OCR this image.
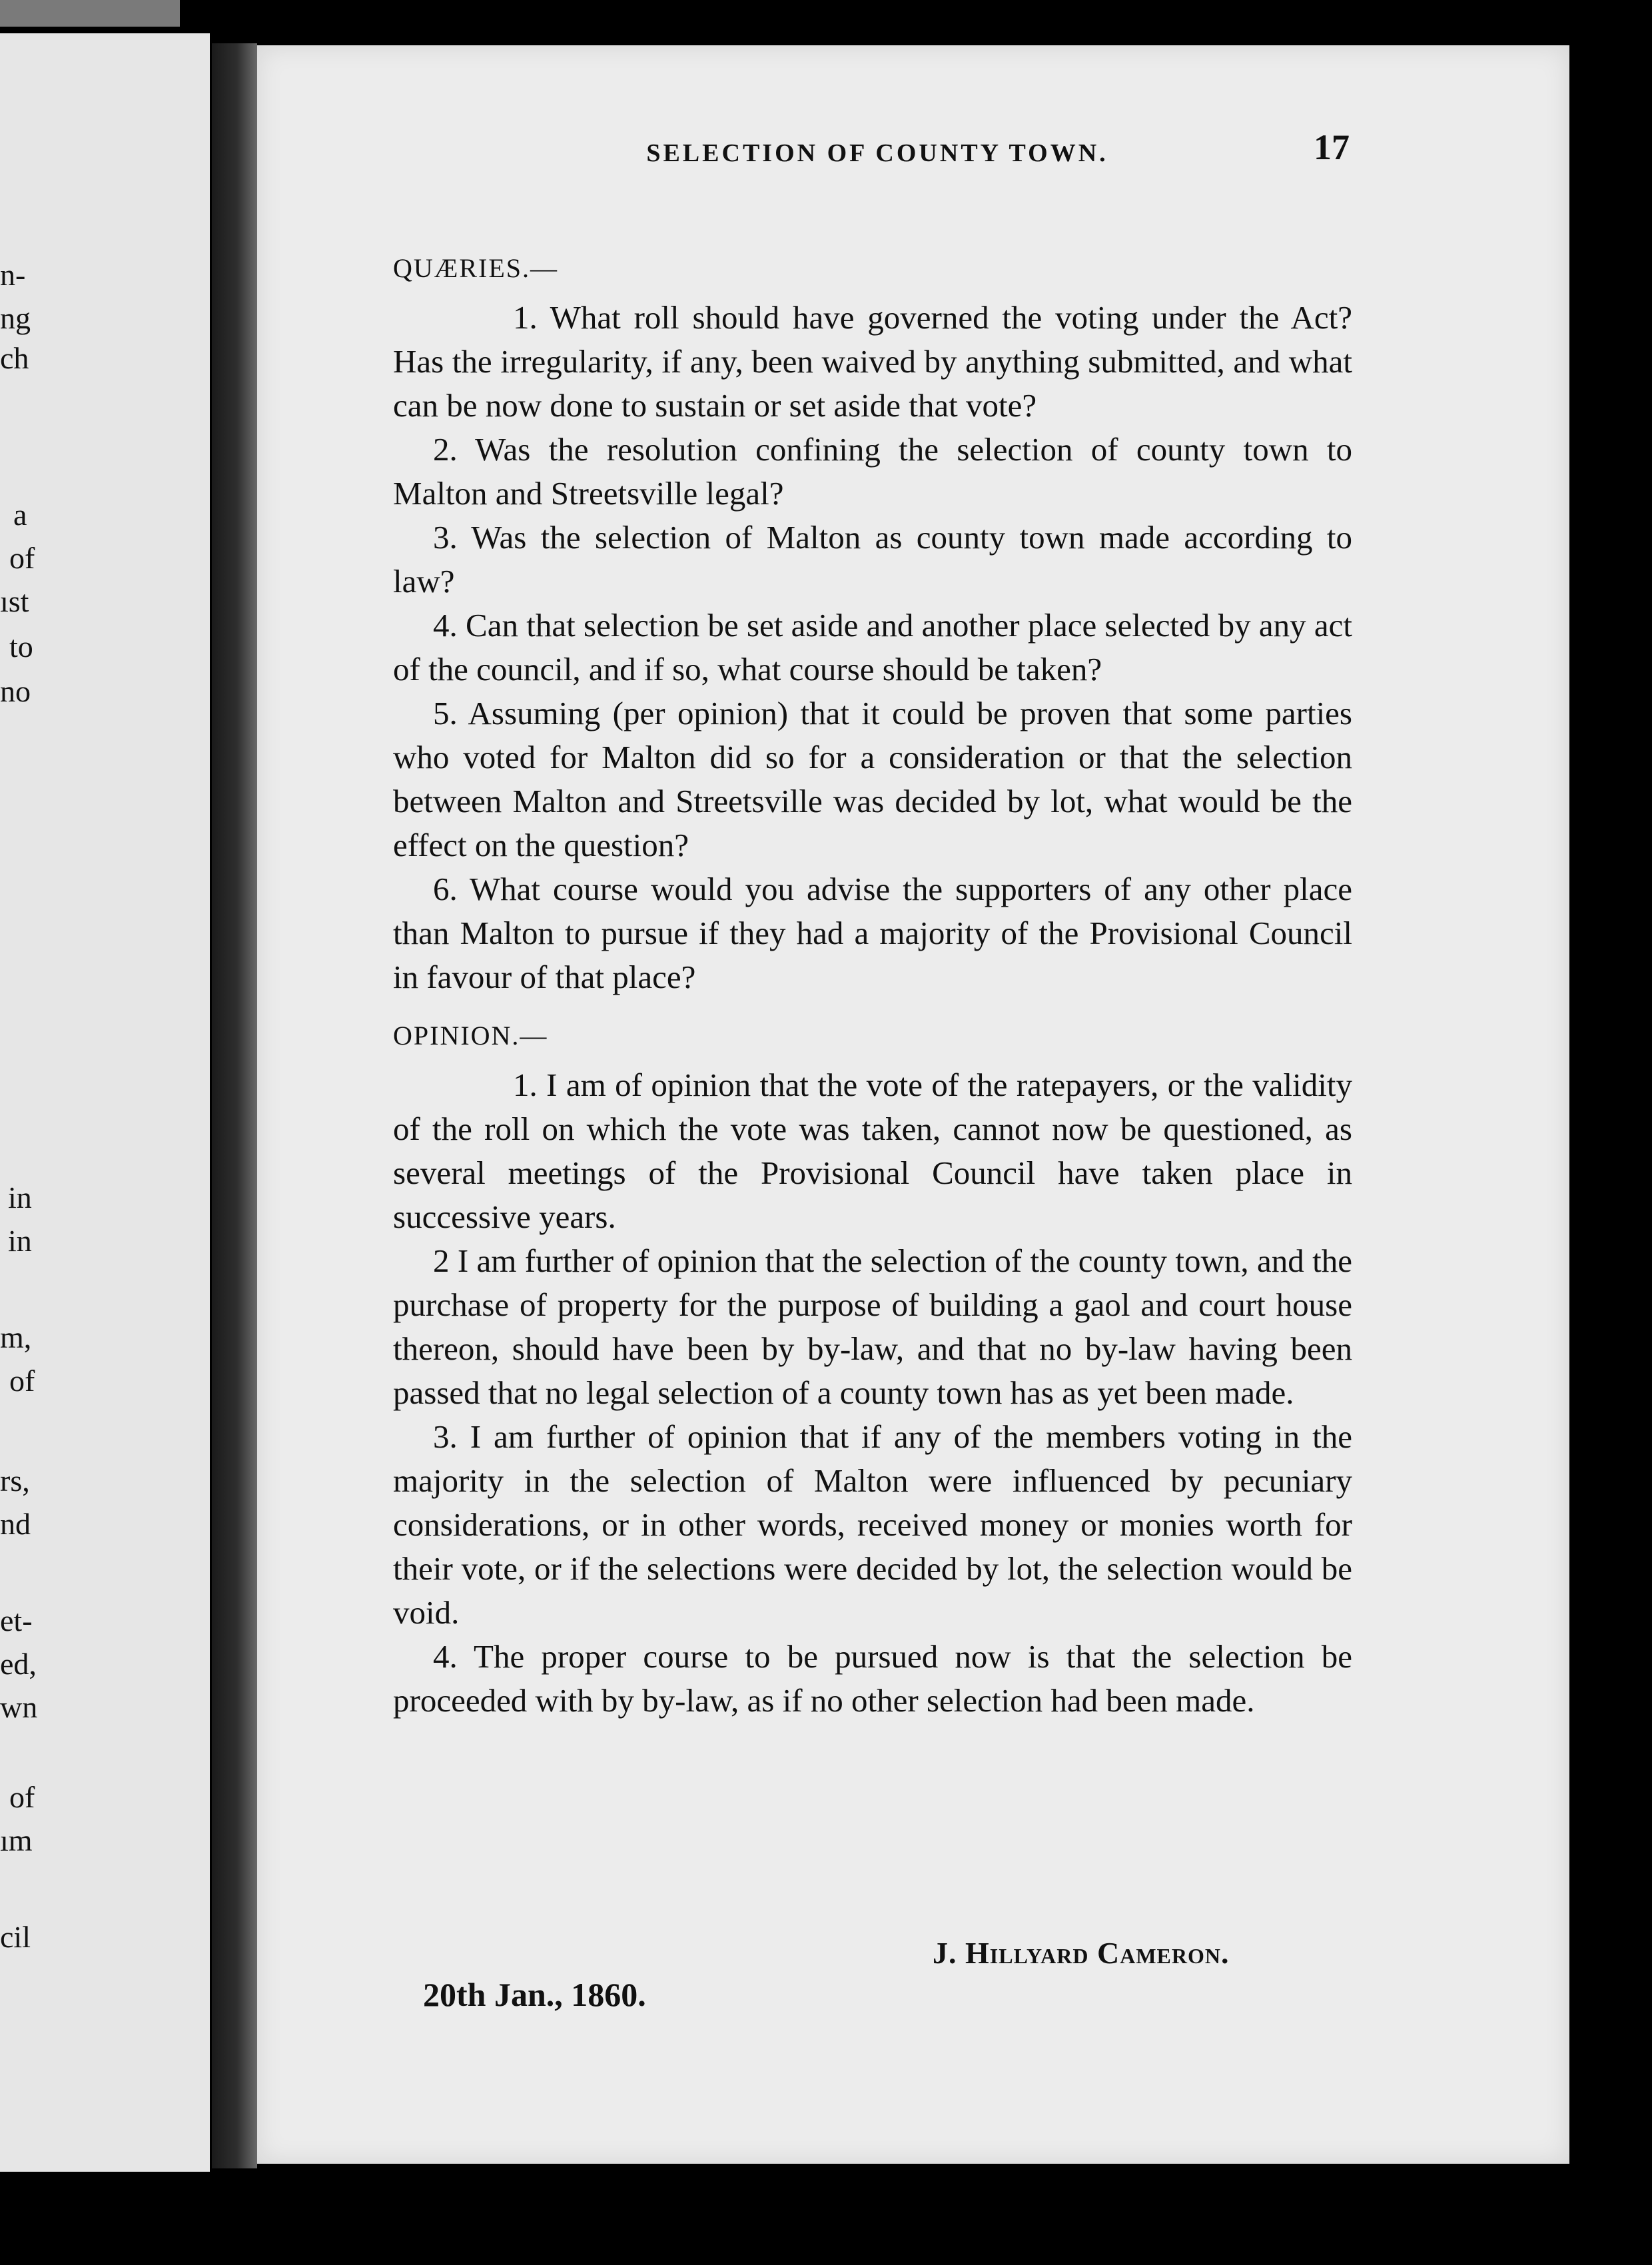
n-
ng
ch
a
of
ıst
to
no
in
in
m,
of
rs,
nd
et-
ed,
wn
of
ım
cil
SELECTION OF COUNTY TOWN.	17
QUÆRIES.—

1. What roll should have governed the voting under the Act? Has the irregularity, if any, been waived by anything submitted, and what can be now done to sustain or set aside that vote?

2. Was the resolution confining the selection of county town to Malton and Streetsville legal?

3. Was the selection of Malton as county town made according to law?

4. Can that selection be set aside and another place selected by any act of the council, and if so, what course should be taken?

5. Assuming (per opinion) that it could be proven that some parties who voted for Malton did so for a consideration or that the selection between Malton and Streetsville was decided by lot, what would be the effect on the question?

6. What course would you advise the supporters of any other place than Malton to pursue if they had a majority of the Provisional Council in favour of that place?

OPINION.—

1. I am of opinion that the vote of the ratepayers, or the validity of the roll on which the vote was taken, cannot now be questioned, as several meetings of the Provisional Council have taken place in successive years.

2 I am further of opinion that the selection of the county town, and the purchase of property for the purpose of building a gaol and court house thereon, should have been by by-law, and that no by-law having been passed that no legal selection of a county town has as yet been made.

3. I am further of opinion that if any of the members voting in the majority in the selection of Malton were influenced by pecuniary considerations, or in other words, received money or monies worth for their vote, or if the selections were decided by lot, the selection would be void.

4. The proper course to be pursued now is that the selection be proceeded with by by-law, as if no other selection had been made.

J. Hillyard Cameron.
20th Jan., 1860.
